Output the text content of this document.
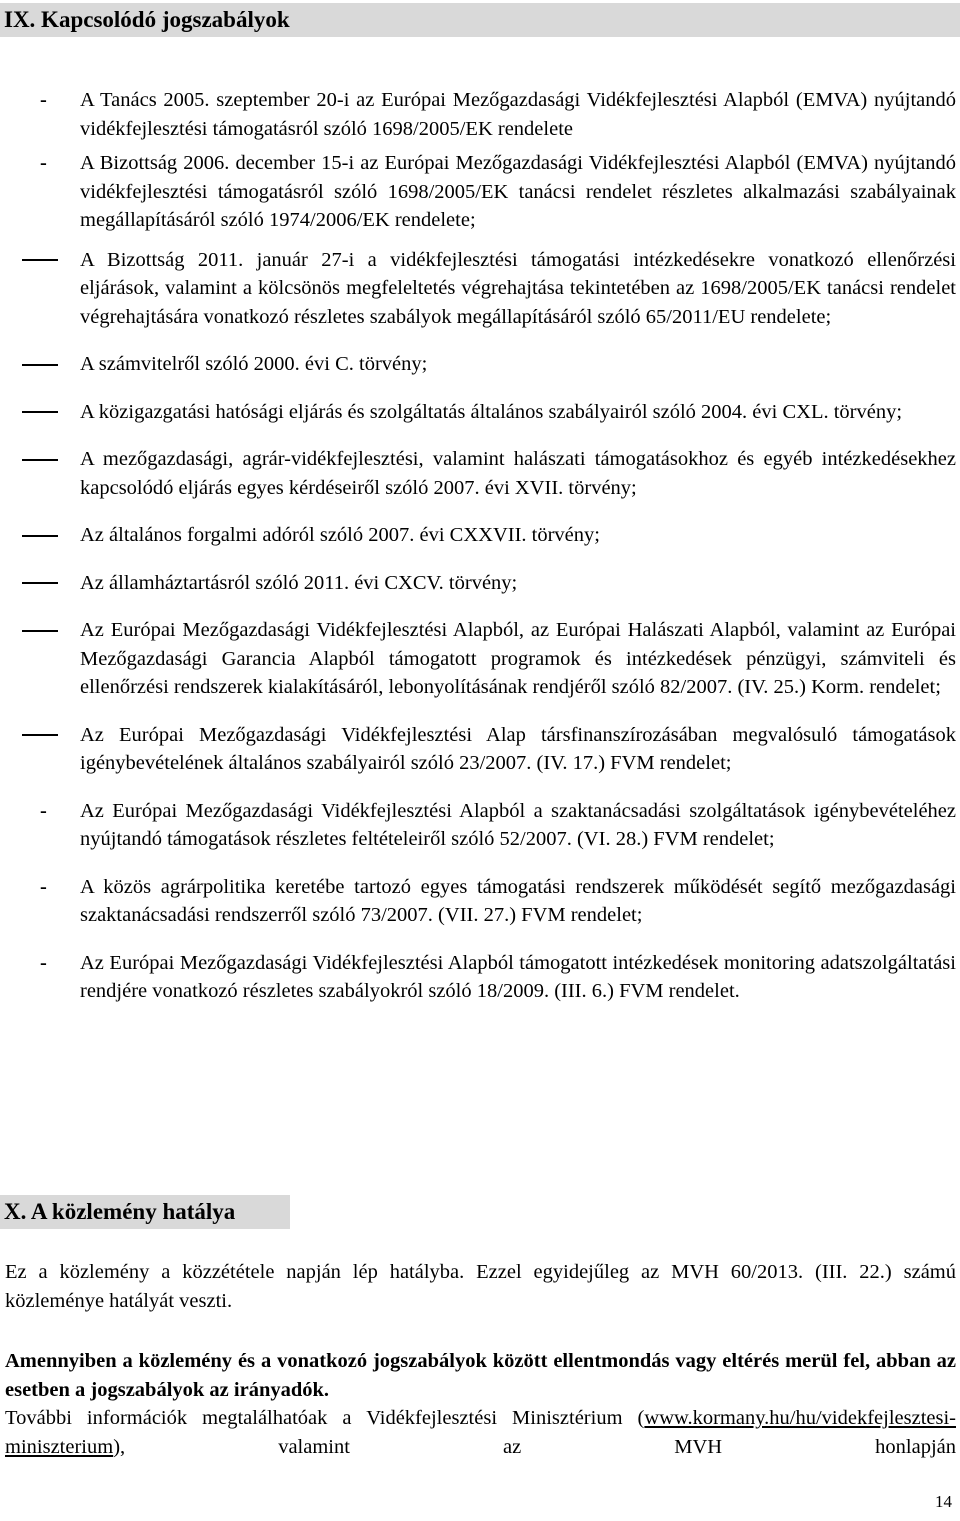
IX. Kapcsolódó jogszabályok
-	A Tanács 2005. szeptember 20-i az Európai Mezőgazdasági Vidékfejlesztési Alapból (EMVA) nyújtandó vidékfejlesztési támogatásról szóló 1698/2005/EK rendelete
-	A Bizottság 2006. december 15-i az Európai Mezőgazdasági Vidékfejlesztési Alapból (EMVA) nyújtandó vidékfejlesztési támogatásról szóló 1698/2005/EK tanácsi rendelet részletes alkalmazási szabályainak megállapításáról szóló 1974/2006/EK rendelete;
A Bizottság 2011. január 27-i a vidékfejlesztési támogatási intézkedésekre vonatkozó ellenőrzési eljárások, valamint a kölcsönös megfeleltetés végrehajtása tekintetében az 1698/2005/EK tanácsi rendelet végrehajtására vonatkozó részletes szabályok megállapításáról szóló 65/2011/EU rendelete;
A számvitelről szóló 2000. évi C. törvény;
A közigazgatási hatósági eljárás és szolgáltatás általános szabályairól szóló 2004. évi CXL. törvény;
A mezőgazdasági, agrár-vidékfejlesztési, valamint halászati támogatásokhoz és egyéb intézkedésekhez kapcsolódó eljárás egyes kérdéseiről szóló 2007. évi XVII. törvény;
Az általános forgalmi adóról szóló 2007. évi CXXVII. törvény;
Az államháztartásról szóló 2011. évi CXCV. törvény;
Az Európai Mezőgazdasági Vidékfejlesztési Alapból, az Európai Halászati Alapból, valamint az Európai Mezőgazdasági Garancia Alapból támogatott programok és intézkedések pénzügyi, számviteli és ellenőrzési rendszerek kialakításáról, lebonyolításának rendjéről szóló 82/2007. (IV. 25.) Korm. rendelet;
Az Európai Mezőgazdasági Vidékfejlesztési Alap társfinanszírozásában megvalósuló támogatások igénybevételének általános szabályairól szóló 23/2007. (IV. 17.) FVM rendelet;
-	Az Európai Mezőgazdasági Vidékfejlesztési Alapból a szaktanácsadási szolgáltatások igénybevételéhez nyújtandó támogatások részletes feltételeiről szóló 52/2007. (VI. 28.) FVM rendelet;
-	A közös agrárpolitika keretébe tartozó egyes támogatási rendszerek működését segítő mezőgazdasági szaktanácsadási rendszerről szóló 73/2007. (VII. 27.) FVM rendelet;
-	Az Európai Mezőgazdasági Vidékfejlesztési Alapból támogatott intézkedések monitoring adatszolgáltatási rendjére vonatkozó részletes szabályokról szóló 18/2009. (III. 6.) FVM rendelet.
X. A közlemény hatálya

Ez a közlemény a közzététele napján lép hatályba. Ezzel egyidejűleg az MVH 60/2013. (III. 22.) számú közleménye hatályát veszti.

Amennyiben a közlemény és a vonatkozó jogszabályok között ellentmondás vagy eltérés merül fel, abban az esetben a jogszabályok az irányadók.

További információk megtalálhatóak a Vidékfejlesztési Minisztérium (www.kormany.hu/hu/videkfejlesztesi-miniszterium), valamint az MVH honlapján

14
